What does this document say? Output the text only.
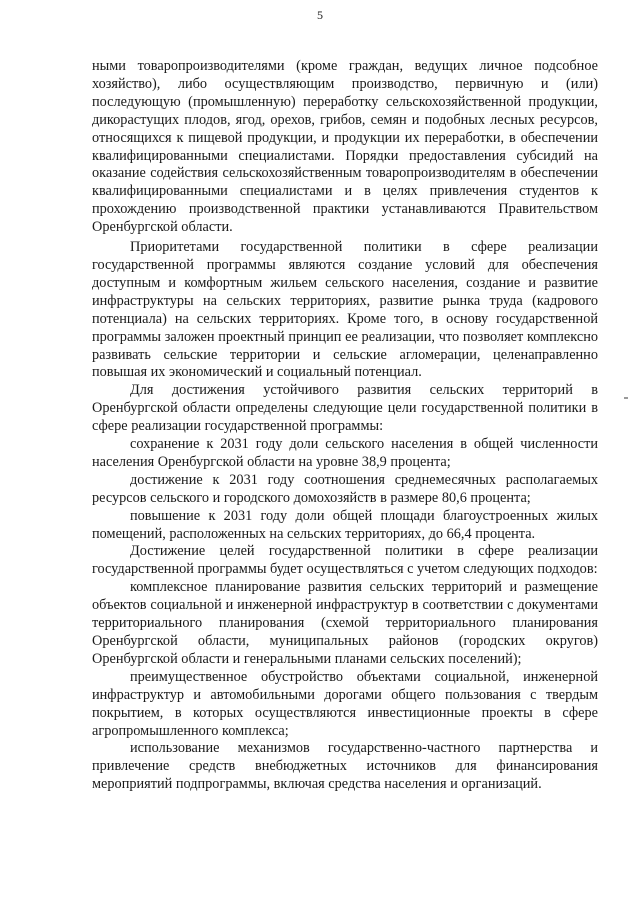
5

ными товаропроизводителями (кроме граждан, ведущих личное подсобное хозяйство), либо осуществляющим производство, первичную и (или) последующую (промышленную) переработку сельскохозяйственной продукции, дикорастущих плодов, ягод, орехов, грибов, семян и подобных лесных ресурсов, относящихся к пищевой продукции, и продукции их переработки, в обеспечении квалифицированными специалистами. Порядки предоставления субсидий на оказание содействия сельскохозяйственным товаропроизводителям в обеспечении квалифицированными специалистами и в целях привлечения студентов к прохождению производственной практики устанавливаются Правительством Оренбургской области.

Приоритетами государственной политики в сфере реализации государственной программы являются создание условий для обеспечения доступным и комфортным жильем сельского населения, создание и развитие инфраструктуры на сельских территориях, развитие рынка труда (кадрового потенциала) на сельских территориях. Кроме того, в основу государственной программы заложен проектный принцип ее реализации, что позволяет комплексно развивать сельские территории и сельские агломерации, целенаправленно повышая их экономический и социальный потенциал.

Для достижения устойчивого развития сельских территорий в Оренбургской области определены следующие цели государственной политики в сфере реализации государственной программы:

сохранение к 2031 году доли сельского населения в общей численности населения Оренбургской области на уровне 38,9 процента;

достижение к 2031 году соотношения среднемесячных располагаемых ресурсов сельского и городского домохозяйств в размере 80,6 процента;

повышение к 2031 году доли общей площади благоустроенных жилых помещений, расположенных на сельских территориях, до 66,4 процента.

Достижение целей государственной политики в сфере реализации государственной программы будет осуществляться с учетом следующих подходов:

комплексное планирование развития сельских территорий и размещение объектов социальной и инженерной инфраструктур в соответствии с документами территориального планирования (схемой территориального планирования Оренбургской области, муниципальных районов (городских округов) Оренбургской области и генеральными планами сельских поселений);

преимущественное обустройство объектами социальной, инженерной инфраструктур и автомобильными дорогами общего пользования с твердым покрытием, в которых осуществляются инвестиционные проекты в сфере агропромышленного комплекса;

использование механизмов государственно-частного партнерства и привлечение средств внебюджетных источников для финансирования мероприятий подпрограммы, включая средства населения и организаций.
